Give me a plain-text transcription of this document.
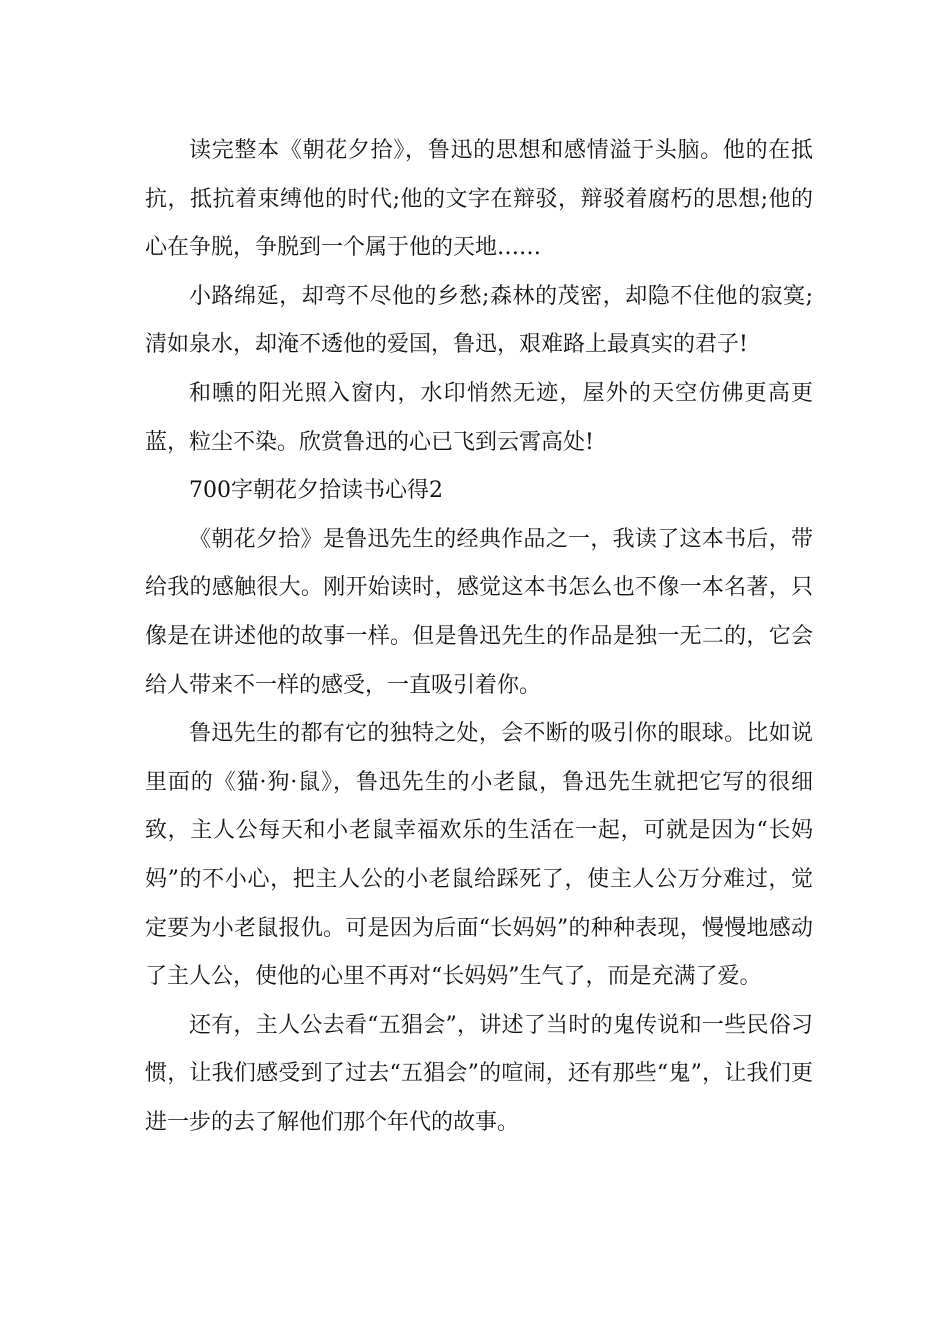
读完整本《朝花夕拾》，鲁迅的思想和感情溢于头脑。他的在抵抗，抵抗着束缚他的时代;他的文字在辩驳，辩驳着腐朽的思想;他的心在争脱，争脱到一个属于他的天地……

小路绵延，却弯不尽他的乡愁;森林的茂密，却隐不住他的寂寞;清如泉水，却淹不透他的爱国，鲁迅，艰难路上最真实的君子!

和曛的阳光照入窗内，水印悄然无迹，屋外的天空仿佛更高更蓝，粒尘不染。欣赏鲁迅的心已飞到云霄高处!

700字朝花夕拾读书心得2

《朝花夕拾》是鲁迅先生的经典作品之一，我读了这本书后，带给我的感触很大。刚开始读时，感觉这本书怎么也不像一本名著，只像是在讲述他的故事一样。但是鲁迅先生的作品是独一无二的，它会给人带来不一样的感受，一直吸引着你。

鲁迅先生的都有它的独特之处，会不断的吸引你的眼球。比如说里面的《猫·狗·鼠》，鲁迅先生的小老鼠，鲁迅先生就把它写的很细致，主人公每天和小老鼠幸福欢乐的生活在一起，可就是因为“长妈妈”的不小心，把主人公的小老鼠给踩死了，使主人公万分难过，觉定要为小老鼠报仇。可是因为后面“长妈妈”的种种表现，慢慢地感动了主人公，使他的心里不再对“长妈妈”生气了，而是充满了爱。

还有，主人公去看“五猖会”，讲述了当时的鬼传说和一些民俗习惯，让我们感受到了过去“五猖会”的喧闹，还有那些“鬼”，让我们更进一步的去了解他们那个年代的故事。
